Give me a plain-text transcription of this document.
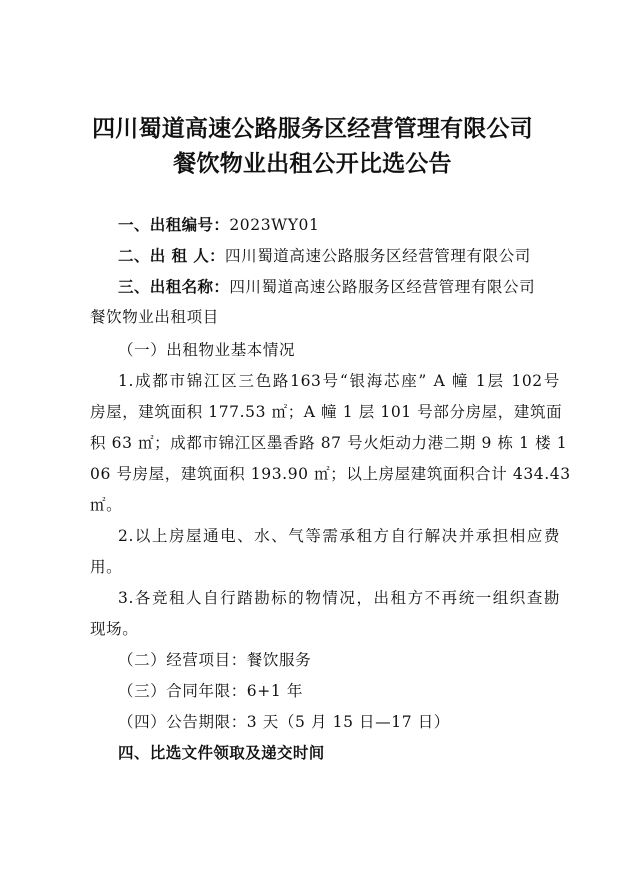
四川蜀道高速公路服务区经营管理有限公司
餐饮物业出租公开比选公告
一、出租编号：2023WY01
二、出 租 人：四川蜀道高速公路服务区经营管理有限公司
三、出租名称：四川蜀道高速公路服务区经营管理有限公司
餐饮物业出租项目
（一）出租物业基本情况
1.成都市锦江区三色路163号“银海芯座” A 幢 1层 102号
房屋，建筑面积 177.53 ㎡；A 幢 1 层 101 号部分房屋，建筑面
积 63 ㎡；成都市锦江区墨香路 87 号火炬动力港二期 9 栋 1 楼 1
06 号房屋，建筑面积 193.90 ㎡；以上房屋建筑面积合计 434.43
㎡。
2.以上房屋通电、水、气等需承租方自行解决并承担相应费
用。
3.各竞租人自行踏勘标的物情况，出租方不再统一组织查勘
现场。
（二）经营项目：餐饮服务
（三）合同年限：6+1 年
（四）公告期限：3 天（5 月 15 日—17 日）
四、比选文件领取及递交时间
